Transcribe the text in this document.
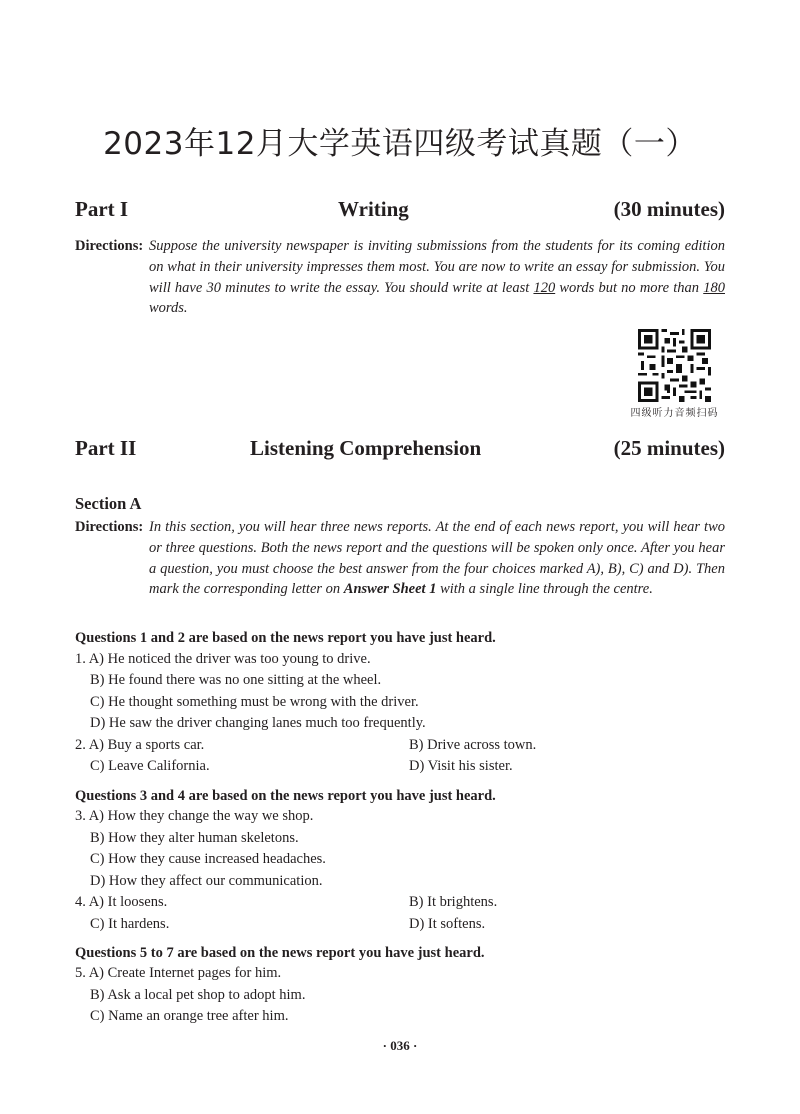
2023年12月大学英语四级考试真题（一）
Part I	Writing	(30 minutes)
Directions: Suppose the university newspaper is inviting submissions from the students for its coming edition on what in their university impresses them most. You are now to write an essay for submission. You will have 30 minutes to write the essay. You should write at least 120 words but no more than 180 words.
四级听力音频扫码
Part II	Listening Comprehension	(25 minutes)
Section A
Directions: In this section, you will hear three news reports. At the end of each news report, you will hear two or three questions. Both the news report and the questions will be spoken only once. After you hear a question, you must choose the best answer from the four choices marked A), B), C) and D). Then mark the corresponding letter on Answer Sheet 1 with a single line through the centre.
Questions 1 and 2 are based on the news report you have just heard.
1. A) He noticed the driver was too young to drive.
B) He found there was no one sitting at the wheel.
C) He thought something must be wrong with the driver.
D) He saw the driver changing lanes much too frequently.
2. A) Buy a sports car.	B) Drive across town.
C) Leave California.	D) Visit his sister.
Questions 3 and 4 are based on the news report you have just heard.
3. A) How they change the way we shop.
B) How they alter human skeletons.
C) How they cause increased headaches.
D) How they affect our communication.
4. A) It loosens.	B) It brightens.
C) It hardens.	D) It softens.
Questions 5 to 7 are based on the news report you have just heard.
5. A) Create Internet pages for him.
B) Ask a local pet shop to adopt him.
C) Name an orange tree after him.
· 036 ·
